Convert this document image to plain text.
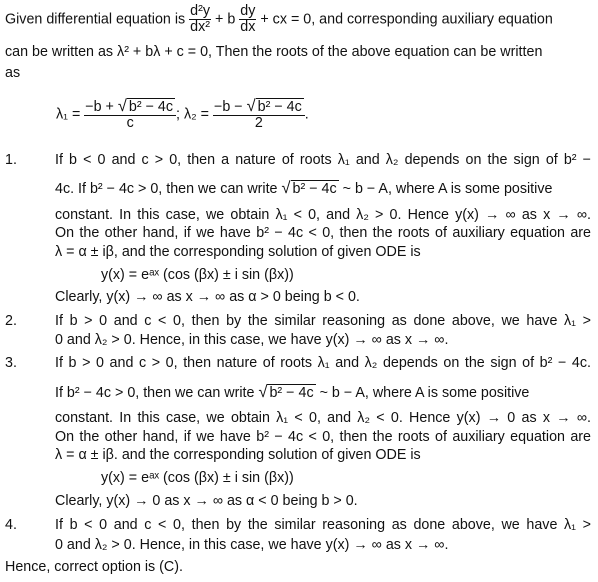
Given differential equation is $\frac{\text{d²y}}{\text{dx²}} + b \frac{dy}{dx}$ + cx = 0, and corresponding auxiliary equation
can be written as λ² + bλ + c = 0, Then the roots of the above equation can be written
as
$\lambda_1 = \frac{\text{−b + √ b² − 4c}}{c}$ ; $\lambda_2 = \frac{\text{−b − √ b² − 4c}}{2}$ .
1.	If b < 0 and c > 0, then a nature of roots λ₁ and λ₂ depends on the sign of b² −
4c. If b² − 4c > 0, then we can write √ b² − 4c ~ b − A, where A is some positive
constant. In this case, we obtain λ₁ < 0, and λ₂ > 0. Hence y(x) → ∞ as x → ∞.
On the other hand, if we have b² − 4c < 0, then the roots of auxiliary equation are
λ = α ± iβ, and the corresponding solution of given ODE is
y(x) = eᵃˣ (cos (βx) ± i sin (βx))
Clearly, y(x) → ∞ as x → ∞ as α > 0 being b < 0.
2.	If b > 0 and c < 0, then by the similar reasoning as done above, we have λ₁ >
0 and λ₂ > 0. Hence, in this case, we have y(x) → ∞ as x → ∞.
3.	If b > 0 and c > 0, then nature of roots λ₁ and λ₂ depends on the sign of b² − 4c.
If b² − 4c > 0, then we can write √ b² − 4c ~ b − A, where A is some positive
constant. In this case, we obtain λ₁ < 0, and λ₂ < 0. Hence y(x) → 0 as x → ∞.
On the other hand, if we have b² − 4c < 0, then the roots of auxiliary equation are
λ = α ± iβ. and the corresponding solution of given ODE is
y(x) = eᵃˣ (cos (βx) ± i sin (βx))
Clearly, y(x) → 0 as x → ∞ as α < 0 being b > 0.
4.	If b < 0 and c < 0, then by the similar reasoning as done above, we have λ₁ >
0 and λ₂ > 0. Hence, in this case, we have y(x) → ∞ as x → ∞.
Hence, correct option is (C).
